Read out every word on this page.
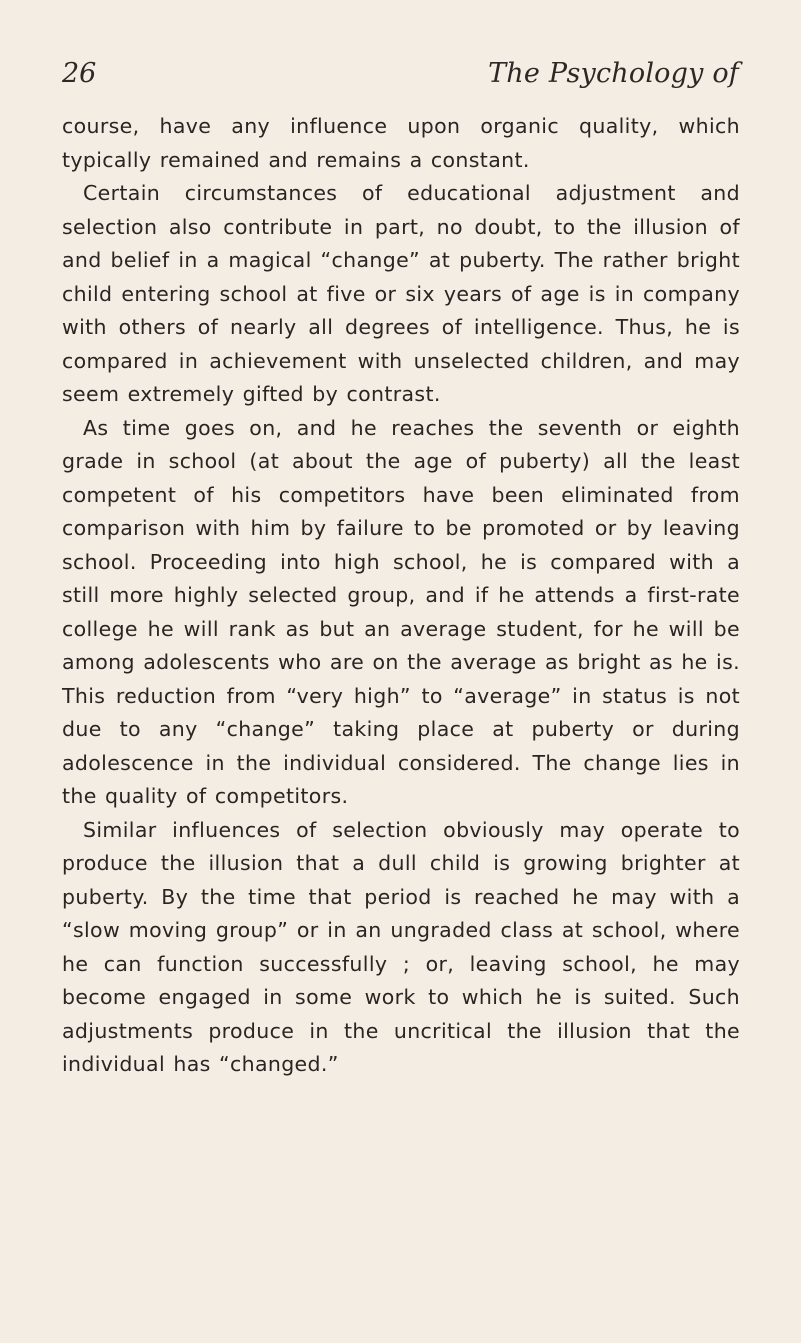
26	The Psychology of

course, have any influence upon organic quality, which typically remained and remains a constant.

Certain circumstances of educational adjustment and selection also contribute in part, no doubt, to the illusion of and belief in a magical “change” at puberty. The rather bright child entering school at five or six years of age is in company with others of nearly all degrees of intelligence. Thus, he is compared in achievement with unselected children, and may seem extremely gifted by contrast.

As time goes on, and he reaches the seventh or eighth grade in school (at about the age of puberty) all the least competent of his competitors have been eliminated from comparison with him by failure to be promoted or by leaving school. Proceeding into high school, he is compared with a still more highly selected group, and if he attends a first-rate college he will rank as but an average student, for he will be among adolescents who are on the average as bright as he is. This reduction from “very high” to “average” in status is not due to any “change” taking place at puberty or during adolescence in the individual considered. The change lies in the quality of competitors.

Similar influences of selection obviously may operate to produce the illusion that a dull child is growing brighter at puberty. By the time that period is reached he may with a “slow moving group” or in an ungraded class at school, where he can function successfully ; or, leaving school, he may become engaged in some work to which he is suited. Such adjustments produce in the uncritical the illusion that the individual has “changed.”
